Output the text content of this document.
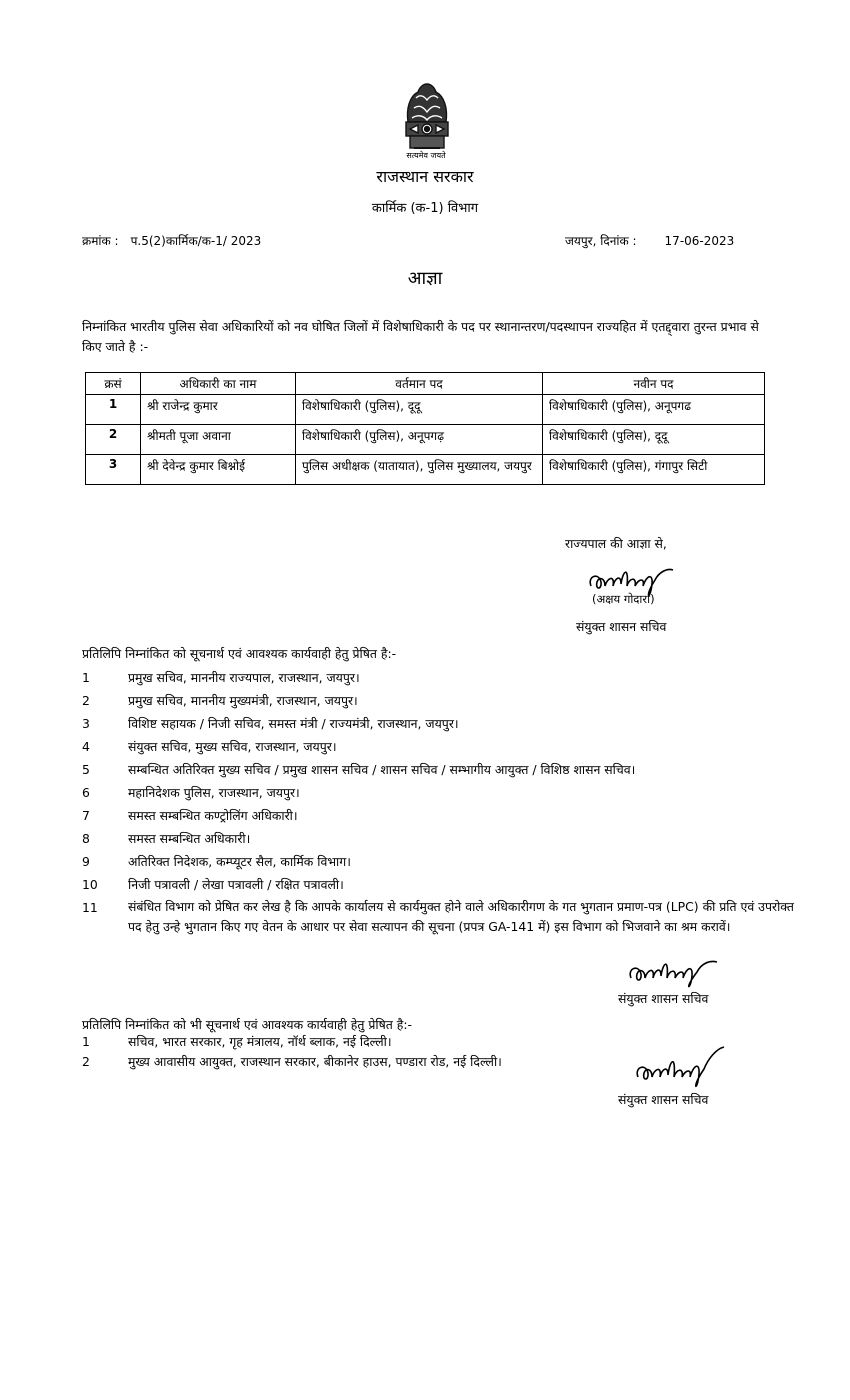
सत्यमेव जयते
राजस्थान सरकार
कार्मिक (क-1) विभाग
क्रमांक : प.5(2)कार्मिक/क-1/ 2023	जयपुर, दिनांक : 17-06-2023
आज्ञा
निम्नांकित भारतीय पुलिस सेवा अधिकारियों को नव घोषित जिलों में विशेषाधिकारी के पद पर स्थानान्तरण/पदस्थापन राज्यहित में एतद्द्वारा तुरन्त प्रभाव से किए जाते है :-
क्रसं	अधिकारी का नाम	वर्तमान पद	नवीन पद
1	श्री राजेन्द्र कुमार	विशेषाधिकारी (पुलिस), दूदू	विशेषाधिकारी (पुलिस), अनूपगढ
2	श्रीमती पूजा अवाना	विशेषाधिकारी (पुलिस), अनूपगढ़	विशेषाधिकारी (पुलिस), दूदू
3	श्री देवेन्द्र कुमार बिश्नोई	पुलिस अधीक्षक (यातायात), पुलिस मुख्यालय, जयपुर	विशेषाधिकारी (पुलिस), गंगापुर सिटी
राज्यपाल की आज्ञा से,
(अक्षय गोदारा)
संयुक्त शासन सचिव
प्रतिलिपि निम्नांकित को सूचनार्थ एवं आवश्यक कार्यवाही हेतु प्रेषित है:-
1	प्रमुख सचिव, माननीय राज्यपाल, राजस्थान, जयपुर।
2	प्रमुख सचिव, माननीय मुख्यमंत्री, राजस्थान, जयपुर।
3	विशिष्ट सहायक / निजी सचिव, समस्त मंत्री / राज्यमंत्री, राजस्थान, जयपुर।
4	संयुक्त सचिव, मुख्य सचिव, राजस्थान, जयपुर।
5	सम्बन्धित अतिरिक्त मुख्य सचिव / प्रमुख शासन सचिव / शासन सचिव / सम्भागीय आयुक्त / विशिष्ठ शासन सचिव।
6	महानिदेशक पुलिस, राजस्थान, जयपुर।
7	समस्त सम्बन्धित कण्ट्रोलिंग अधिकारी।
8	समस्त सम्बन्धित अधिकारी।
9	अतिरिक्त निदेशक, कम्प्यूटर सैल, कार्मिक विभाग।
10	निजी पत्रावली / लेखा पत्रावली / रक्षित पत्रावली।
11	संबंधित विभाग को प्रेषित कर लेख है कि आपके कार्यालय से कार्यमुक्त होने वाले अधिकारीगण के गत भुगतान प्रमाण-पत्र (LPC) की प्रति एवं उपरोक्त पद हेतु उन्हे भुगतान किए गए वेतन के आधार पर सेवा सत्यापन की सूचना (प्रपत्र GA-141 में) इस विभाग को भिजवाने का श्रम करावें।
संयुक्त शासन सचिव
प्रतिलिपि निम्नांकित को भी सूचनार्थ एवं आवश्यक कार्यवाही हेतु प्रेषित है:-
1	सचिव, भारत सरकार, गृह मंत्रालय, नॉर्थ ब्लाक, नई दिल्ली।
2	मुख्य आवासीय आयुक्त, राजस्थान सरकार, बीकानेर हाउस, पण्डारा रोड, नई दिल्ली।
संयुक्त शासन सचिव
